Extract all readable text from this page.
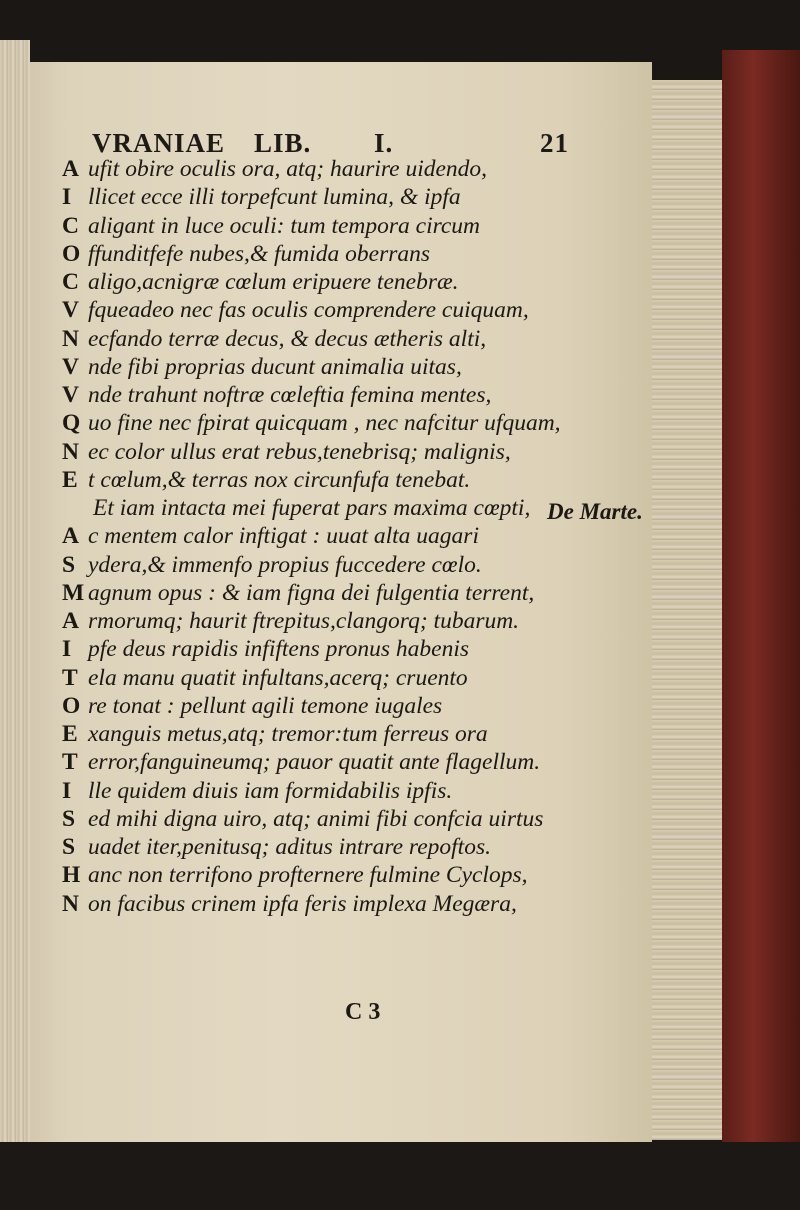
VRANIAE LIB. I.	21
A ufit obire oculis ora, atq; haurire uidendo,
I llicet ecce illi torpefcunt lumina, & ipfa
C aligant in luce oculi: tum tempora circum
O ffunditfefe nubes,& fumida oberrans
C aligo,acnigræ cœlum eripuere tenebræ.
V fqueadeo nec fas oculis comprendere cuiquam,
N ecfando terræ decus, & decus ætheris alti,
V nde fibi proprias ducunt animalia uitas,
V nde trahunt noftræ cœleftia femina mentes,
Q uo fine nec fpirat quicquam , nec nafcitur ufquam,
N ec color ullus erat rebus,tenebrisq; malignis,
E t cœlum,& terras nox circunfufa tenebat.
Et iam intacta mei fuperat pars maxima cœpti,
A c mentem calor inftigat : uuat alta uagari
S ydera,& immenfo propius fuccedere cœlo.
M agnum opus : & iam figna dei fulgentia terrent,
A rmorumq; haurit ftrepitus,clangorq; tubarum.
I pfe deus rapidis infiftens pronus habenis
T ela manu quatit infultans,acerq; cruento
O re tonat : pellunt agili temone iugales
E xanguis metus,atq; tremor:tum ferreus ora
T error,fanguineumq; pauor quatit ante flagellum.
I lle quidem diuis iam formidabilis ipfis.
S ed mihi digna uiro, atq; animi fibi confcia uirtus
S uadet iter,penitusq; aditus intrare repoftos.
H anc non terrifono profternere fulmine Cyclops,
N on facibus crinem ipfa feris implexa Megæra,
De Marte.
C 3
